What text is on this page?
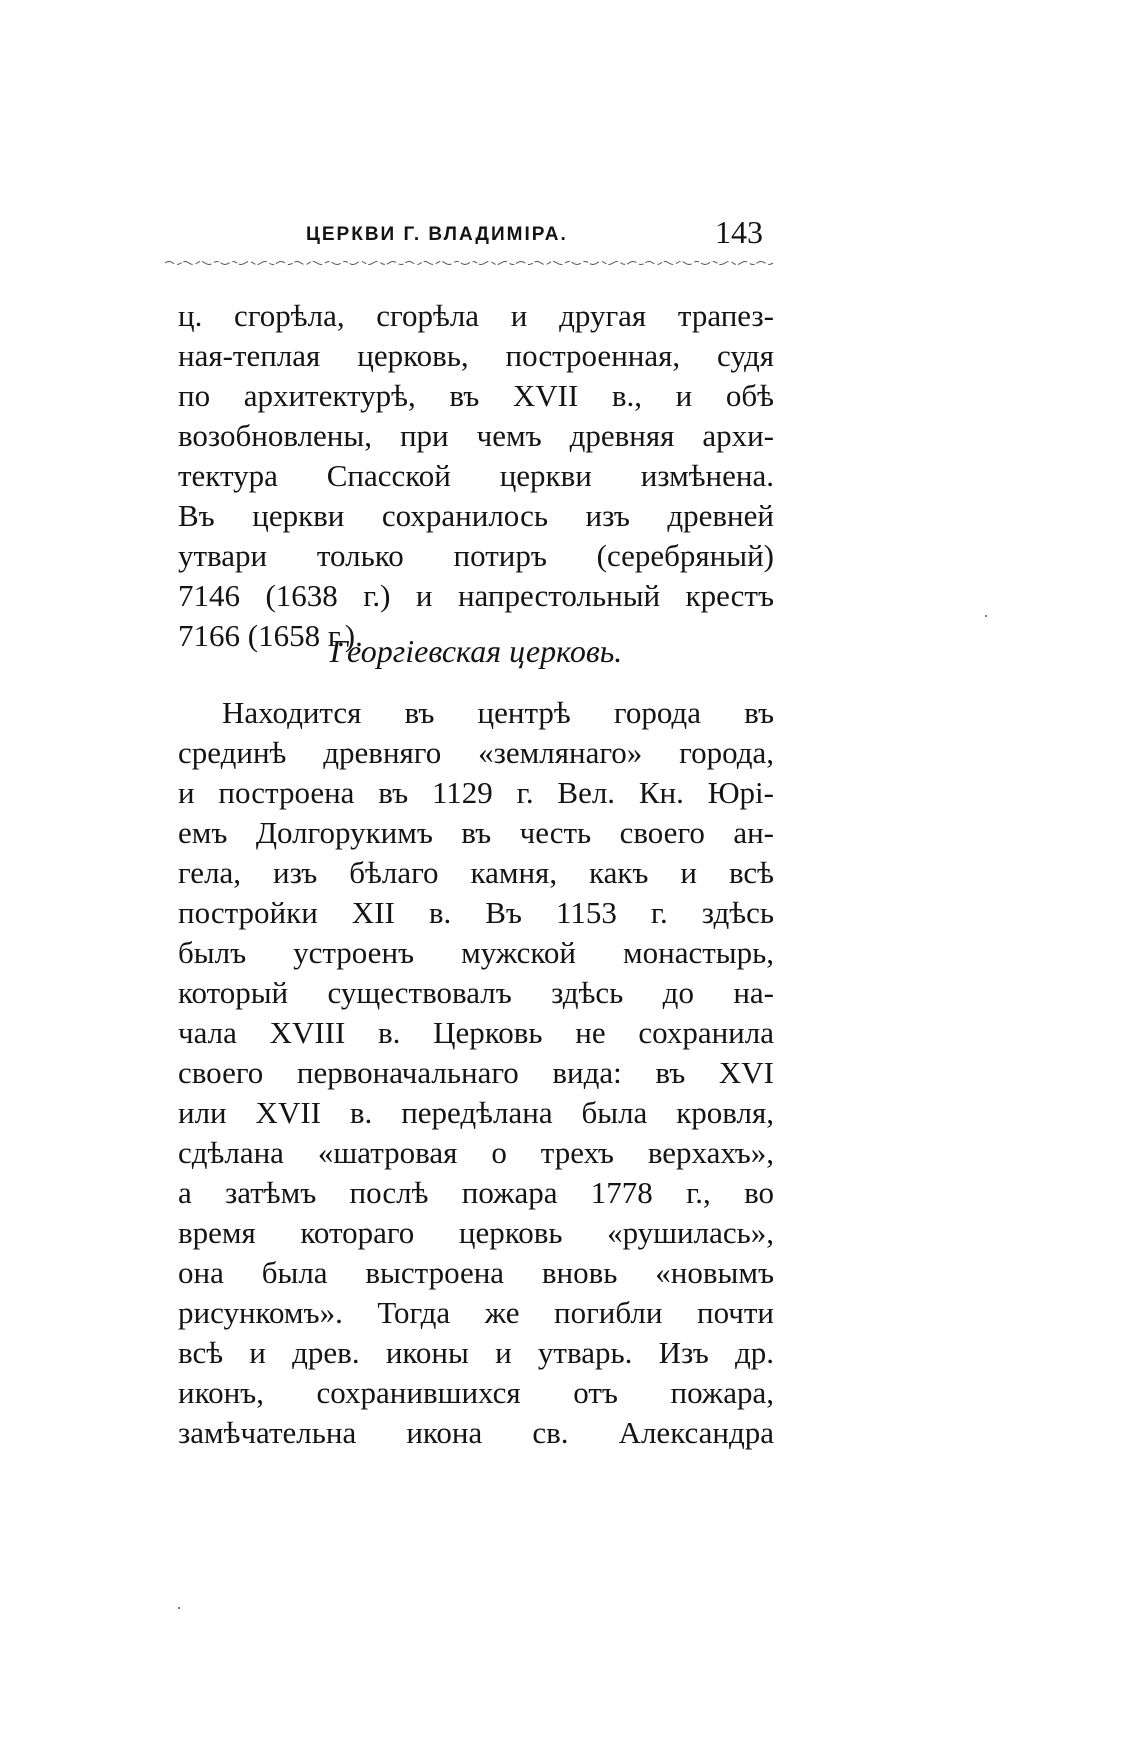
ЦЕРКВИ Г. ВЛАДИМIРА.	143
ц. сгорѣла, сгорѣла и другая трапез-
ная-теплая церковь, построенная, судя
по архитектурѣ, въ XVII в., и обѣ
возобновлены, при чемъ древняя архи-
тектура Спасской церкви измѣнена.
Въ церкви сохранилось изъ древней
утвари только потиръ (серебряный)
7146 (1638 г.) и напрестольный крестъ
7166 (1658 г.).
Георгiевская церковь.
Находится въ центрѣ города въ
срединѣ древняго «землянаго» города,
и построена въ 1129 г. Вел. Кн. Юрi-
емъ Долгорукимъ въ честь своего ан-
гела, изъ бѣлаго камня, какъ и всѣ
постройки XII в. Въ 1153 г. здѣсь
былъ устроенъ мужской монастырь,
который существовалъ здѣсь до на-
чала XVIII в. Церковь не сохранила
своего первоначальнаго вида: въ XVI
или XVII в. передѣлана была кровля,
сдѣлана «шатровая о трехъ верхахъ»,
а затѣмъ послѣ пожара 1778 г., во
время котораго церковь «рушилась»,
она была выстроена вновь «новымъ
рисункомъ». Тогда же погибли почти
всѣ и древ. иконы и утварь. Изъ др.
иконъ, сохранившихся отъ пожара,
замѣчательна икона св. Александра
